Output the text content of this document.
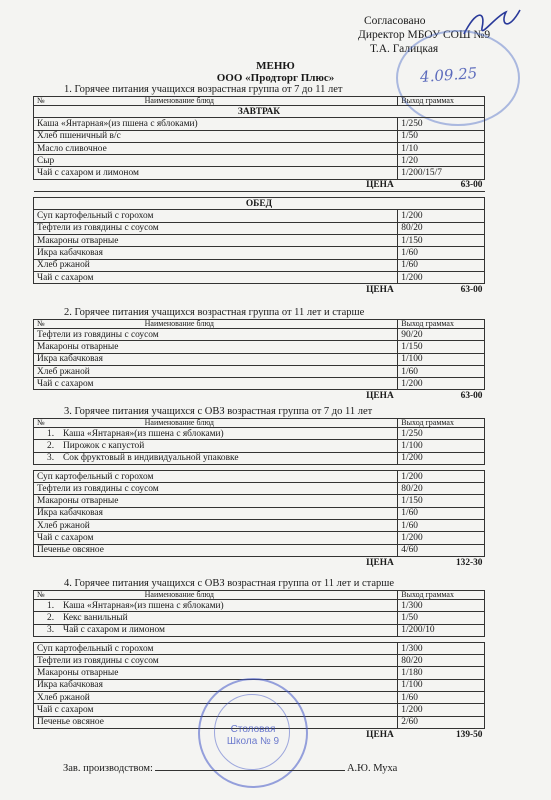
Согласовано
Директор МБОУ СОШ №9
Т.А. Галицкая
4.09.25
МЕНЮ
ООО «Продторг Плюс»
1. Горячее питания учащихся возрастная группа от 7 до 11 лет
№ Наименование блюд	Выход граммах
ЗАВТРАК	
Каша «Янтарная»(из пшена с яблоками)	1/250
Хлеб пшеничный в/с	1/50
Масло сливочное	1/10
Сыр	1/20
Чай с сахаром и лимоном	1/200/15/7
ЦЕНА	63-00

ОБЕД	
Суп картофельный с горохом	1/200
Тефтели из говядины с соусом	80/20
Макароны отварные	1/150
Икра кабачковая	1/60
Хлеб ржаной	1/60
Чай с сахаром	1/200
ЦЕНА	63-00
2. Горячее питания учащихся возрастная группа от 11 лет и старше
№ Наименование блюд	Выход граммах
Тефтели из говядины с соусом	90/20
Макароны отварные	1/150
Икра кабачковая	1/100
Хлеб ржаной	1/60
Чай с сахаром	1/200
ЦЕНА	63-00
3. Горячее питания учащихся с ОВЗ возрастная группа от 7 до 11 лет
№ Наименование блюд	Выход граммах
1. Каша «Янтарная»(из пшена с яблоками)	1/250
2. Пирожок с капустой	1/100
3. Сок фруктовый в индивидуальной упаковке	1/200

Суп картофельный с горохом	1/200
Тефтели из говядины с соусом	80/20
Макароны отварные	1/150
Икра кабачковая	1/60
Хлеб ржаной	1/60
Чай с сахаром	1/200
Печенье овсяное	4/60
ЦЕНА	132-30
4. Горячее питания учащихся с ОВЗ возрастная группа от 11 лет и старше
№ Наименование блюд	Выход граммах
1. Каша «Янтарная»(из пшена с яблоками)	1/300
2. Кекс ванильный	1/50
3. Чай с сахаром и лимоном	1/200/10

Суп картофельный с горохом	1/300
Тефтели из говядины с соусом	80/20
Макароны отварные	1/180
Икра кабачковая	1/100
Хлеб ржаной	1/60
Чай с сахаром	1/200
Печенье овсяное	2/60
ЦЕНА	139-50
Столовая
Школа № 9
Зав. производством:	А.Ю. Муха
